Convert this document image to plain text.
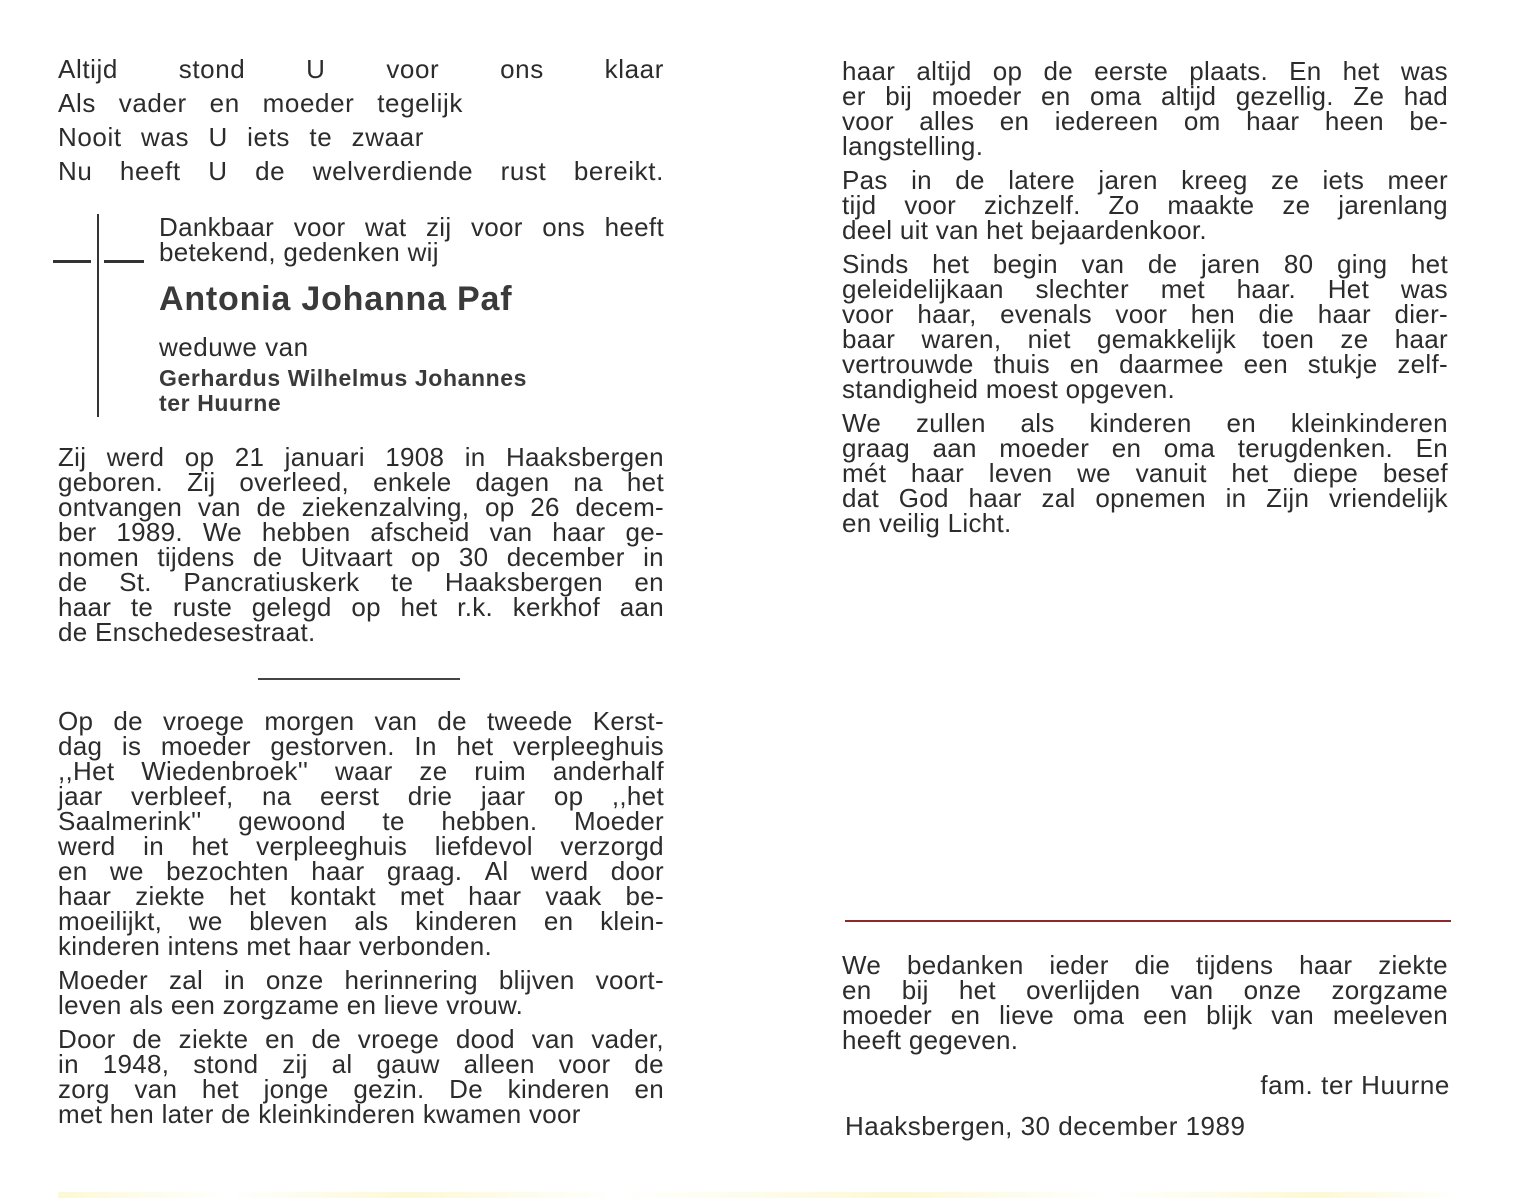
Altijd stond U voor ons klaar
Als vader en moeder tegelijk
Nooit was U iets te zwaar
Nu heeft U de welverdiende rust bereikt.
Dankbaar voor wat zij voor ons heeft
betekend, gedenken wij
Antonia Johanna Paf
weduwe van
Gerhardus Wilhelmus Johannes
ter Huurne
Zij werd op 21 januari 1908 in Haaksbergen
geboren. Zij overleed, enkele dagen na het
ontvangen van de ziekenzalving, op 26 decem-
ber 1989. We hebben afscheid van haar ge-
nomen tijdens de Uitvaart op 30 december in
de St. Pancratiuskerk te Haaksbergen en
haar te ruste gelegd op het r.k. kerkhof aan
de Enschedesestraat.
Op de vroege morgen van de tweede Kerst-
dag is moeder gestorven. In het verpleeghuis
,,Het Wiedenbroek'' waar ze ruim anderhalf
jaar verbleef, na eerst drie jaar op ,,het
Saalmerink'' gewoond te hebben. Moeder
werd in het verpleeghuis liefdevol verzorgd
en we bezochten haar graag. Al werd door
haar ziekte het kontakt met haar vaak be-
moeilijkt, we bleven als kinderen en klein-
kinderen intens met haar verbonden.
Moeder zal in onze herinnering blijven voort-
leven als een zorgzame en lieve vrouw.
Door de ziekte en de vroege dood van vader,
in 1948, stond zij al gauw alleen voor de
zorg van het jonge gezin. De kinderen en
met hen later de kleinkinderen kwamen voor
haar altijd op de eerste plaats. En het was
er bij moeder en oma altijd gezellig. Ze had
voor alles en iedereen om haar heen be-
langstelling.
Pas in de latere jaren kreeg ze iets meer
tijd voor zichzelf. Zo maakte ze jarenlang
deel uit van het bejaardenkoor.
Sinds het begin van de jaren 80 ging het
geleidelijkaan slechter met haar. Het was
voor haar, evenals voor hen die haar dier-
baar waren, niet gemakkelijk toen ze haar
vertrouwde thuis en daarmee een stukje zelf-
standigheid moest opgeven.
We zullen als kinderen en kleinkinderen
graag aan moeder en oma terugdenken. En
mét haar leven we vanuit het diepe besef
dat God haar zal opnemen in Zijn vriendelijk
en veilig Licht.
We bedanken ieder die tijdens haar ziekte
en bij het overlijden van onze zorgzame
moeder en lieve oma een blijk van meeleven
heeft gegeven.
fam. ter Huurne
Haaksbergen, 30 december 1989
